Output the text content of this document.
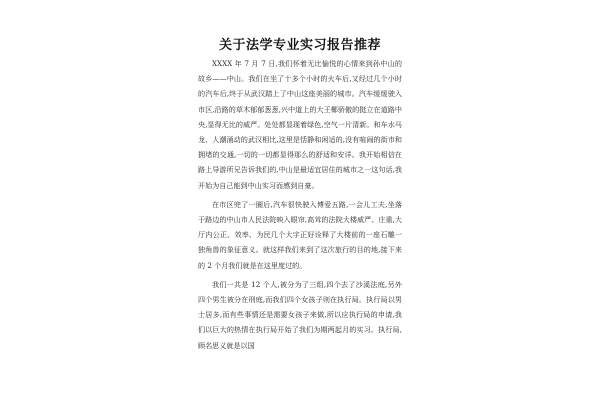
关于法学专业实习报告推荐

XXXX 年 7 月 7 日,我们怀着无比愉悦的心情来到孙中山的故乡——中山。我们在坐了十多个小时的火车后,又经过几个小时的汽车后,终于从武汉踏上了中山这座美丽的城市。汽车缓缓驶入市区,沿路的草木郁郁葱葱,兴中道上的大王椰骄傲的挺立在道路中央,显得无比的威严。处处都显现着绿色,空气一片清新。和车水马龙、人潮涌动的武汉相比,这里是恬静和闲适的,没有喧闹的街市和拥堵的交通,一切的一切都显得那么的舒适和安详。我开始相信在路上导游所兄告诉我们的,中山是最适宜居住的城市之一这句话,我开始为自己能到中山实习而感到自豪。

在市区兜了一圈后,汽车很快驶入博爱五路,一会儿工夫,坐落于路边的中山市人民法院映入眼帘,高耸的法院大楼威严、庄重,大厅内公正、效率、为民几个大字正好诠释了大楼前的一座石雕一独角兽的象征意义。就这样我们来到了这次旅行的目的地,接下来的 2 个月我们就是在这里度过的。

我们一共是 12 个人,被分为了三组,四个去了沙溪法庭,另外四个男生被分在刑庭,而我们四个女孩子则在执行局。执行局以男士居多,而有些事情还是需要女孩子来做,所以应执行局的申请,我们以巨大的热情在执行局开始了我们为期两起月的实习。执行局,顾名思义就是以国
